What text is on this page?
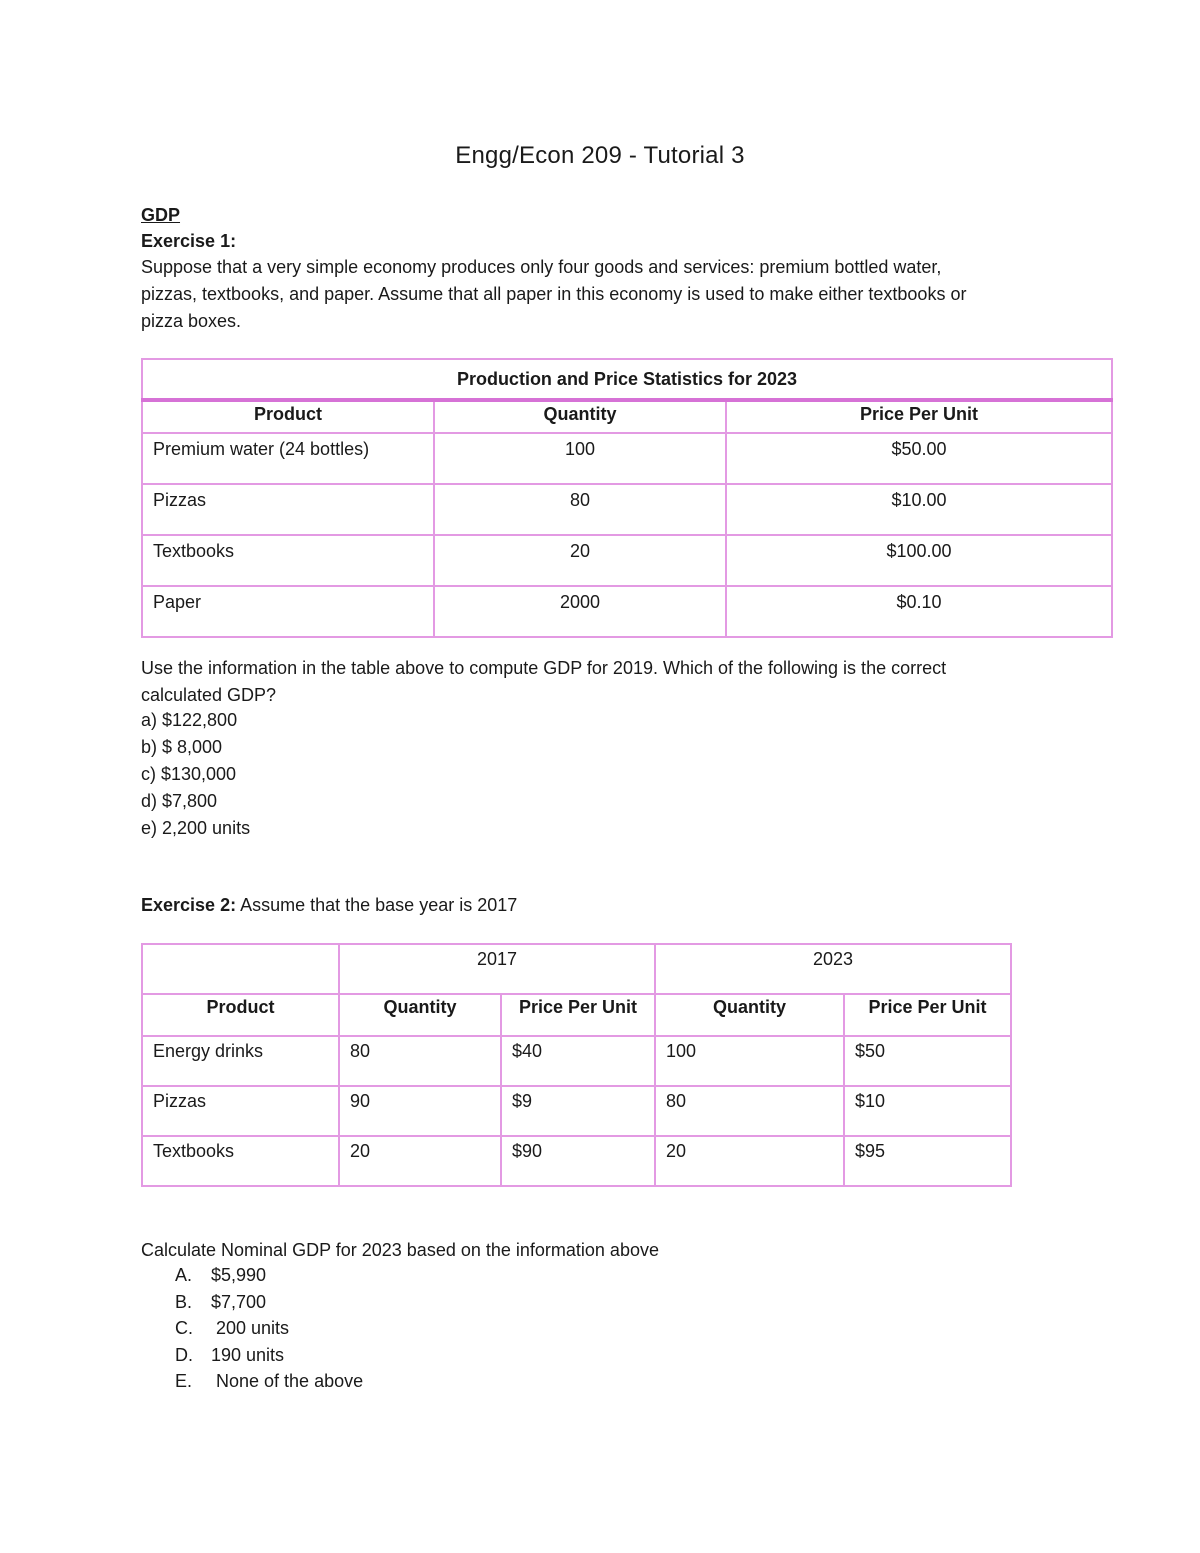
Engg/Econ 209 - Tutorial 3
GDP
Exercise 1:
Suppose that a very simple economy produces only four goods and services: premium bottled water,
pizzas, textbooks, and paper. Assume that all paper in this economy is used to make either textbooks or
pizza boxes.
Production and Price Statistics for 2023		
Product	Quantity	Price Per Unit
Premium water (24 bottles)	100	$50.00
Pizzas	80	$10.00
Textbooks	20	$100.00
Paper	2000	$0.10
Use the information in the table above to compute GDP for 2019. Which of the following is the correct
calculated GDP?
a) $122,800
b) $ 8,000
c) $130,000
d) $7,800
e) 2,200 units
Exercise 2: Assume that the base year is 2017
	2017		2023	
Product	Quantity	Price Per Unit	Quantity	Price Per Unit
Energy drinks	80	$40	100	$50
Pizzas	90	$9	80	$10
Textbooks	20	$90	20	$95
Calculate Nominal GDP for 2023 based on the information above
A.	$5,990
B.	$7,700
C.	200 units
D.	190 units
E.	None of the above
